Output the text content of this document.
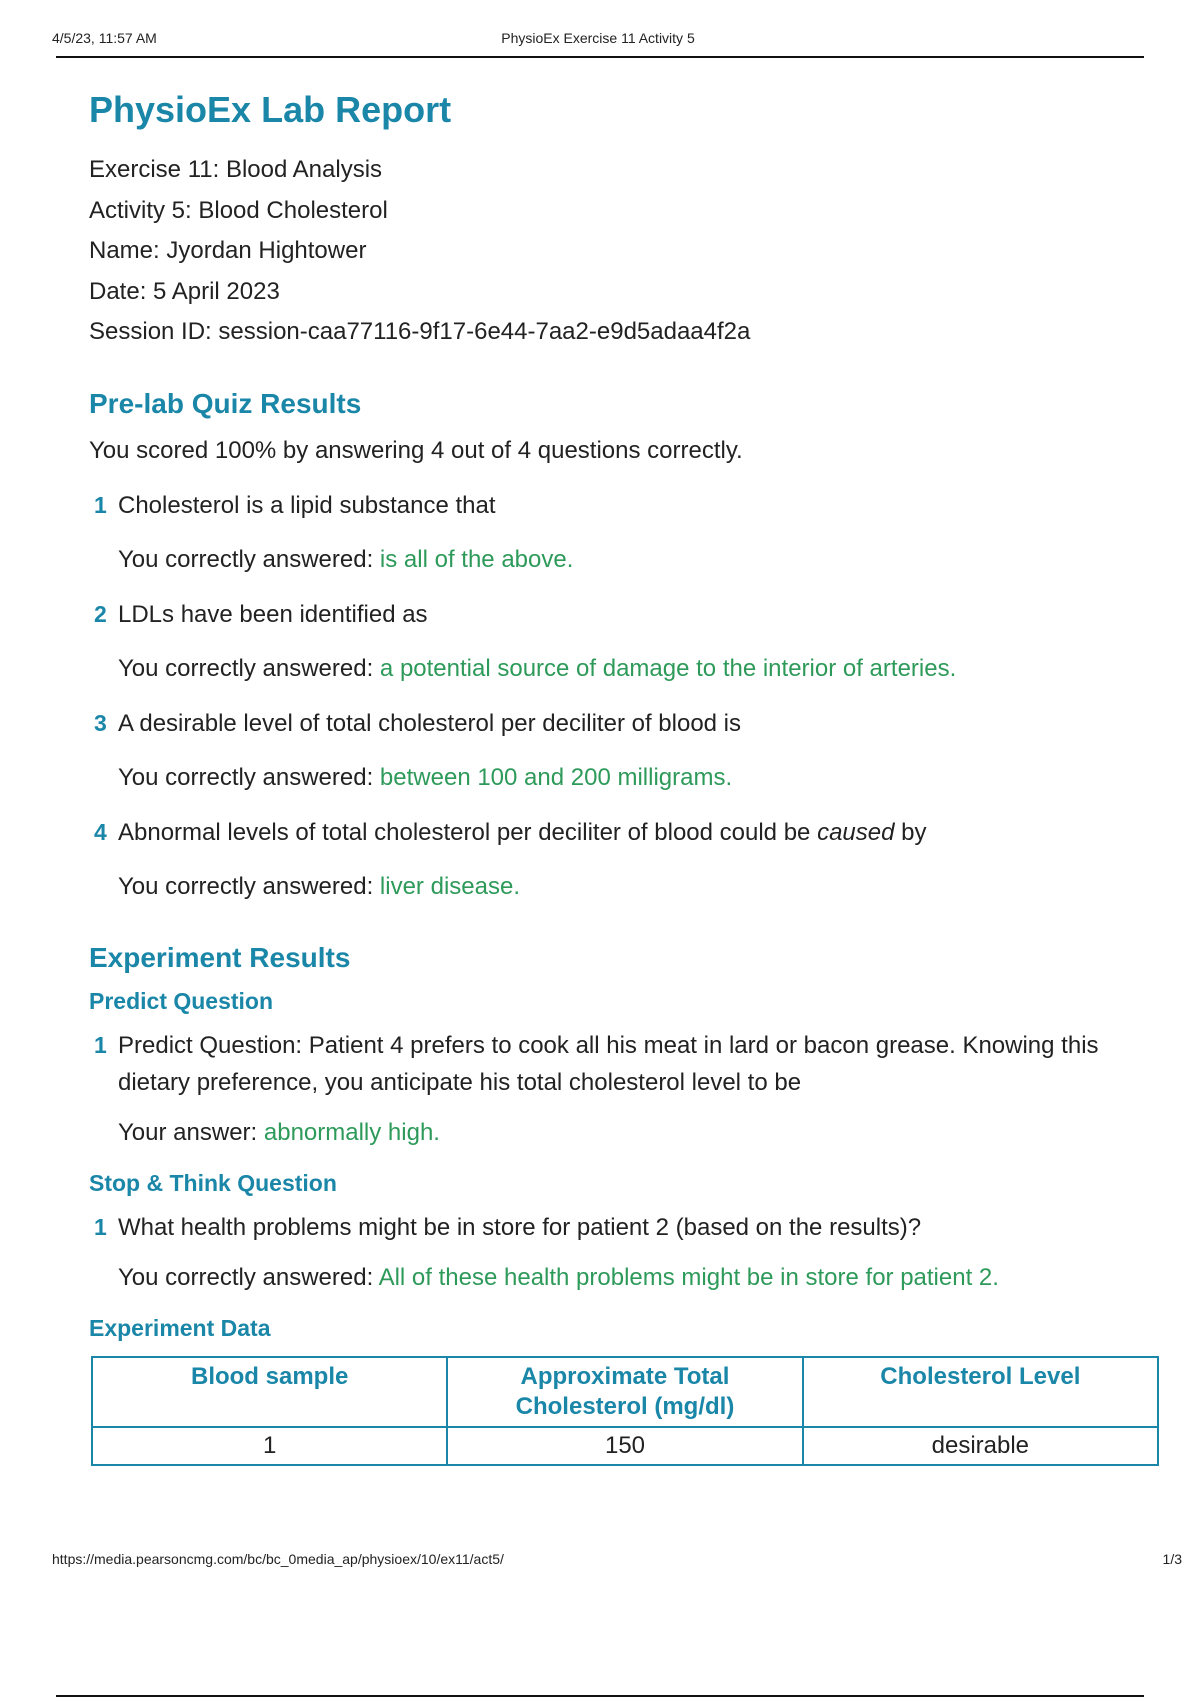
4/5/23, 11:57 AM	PhysioEx Exercise 11 Activity 5
PhysioEx Lab Report
Exercise 11: Blood Analysis
Activity 5: Blood Cholesterol
Name: Jyordan Hightower
Date: 5 April 2023
Session ID: session-caa77116-9f17-6e44-7aa2-e9d5adaa4f2a
Pre-lab Quiz Results
You scored 100% by answering 4 out of 4 questions correctly.
1 Cholesterol is a lipid substance that
You correctly answered: is all of the above.
2 LDLs have been identified as
You correctly answered: a potential source of damage to the interior of arteries.
3 A desirable level of total cholesterol per deciliter of blood is
You correctly answered: between 100 and 200 milligrams.
4 Abnormal levels of total cholesterol per deciliter of blood could be caused by
You correctly answered: liver disease.
Experiment Results
Predict Question
1 Predict Question: Patient 4 prefers to cook all his meat in lard or bacon grease. Knowing this dietary preference, you anticipate his total cholesterol level to be
Your answer: abnormally high.
Stop & Think Question
1 What health problems might be in store for patient 2 (based on the results)?
You correctly answered: All of these health problems might be in store for patient 2.
Experiment Data
Blood sample	Approximate Total Cholesterol (mg/dl)	Cholesterol Level
1	150	desirable
https://media.pearsoncmg.com/bc/bc_0media_ap/physioex/10/ex11/act5/	1/3
